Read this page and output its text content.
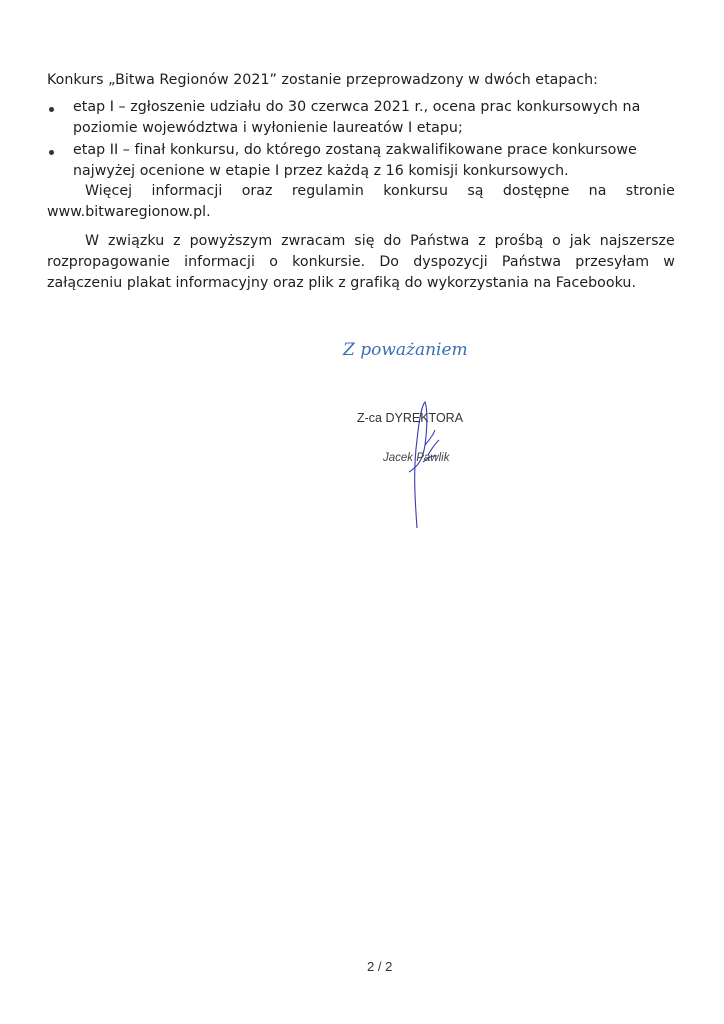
Konkurs „Bitwa Regionów 2021” zostanie przeprowadzony w dwóch etapach:
etap I – zgłoszenie udziału do 30 czerwca 2021 r., ocena prac konkursowych na
poziomie województwa i wyłonienie laureatów I etapu;
etap II – finał konkursu, do którego zostaną zakwalifikowane prace konkursowe
najwyżej ocenione w etapie I przez każdą z 16 komisji konkursowych.
Więcej informacji oraz regulamin konkursu są dostępne na stronie
www.bitwaregionow.pl.
W związku z powyższym zwracam się do Państwa z prośbą o jak najszersze
rozpropagowanie informacji o konkursie. Do dyspozycji Państwa przesyłam w
załączeniu plakat informacyjny oraz plik z grafiką do wykorzystania na Facebooku.
Z poważaniem
Z-ca DYREKTORA
Jacek Pawlik
2 / 2
